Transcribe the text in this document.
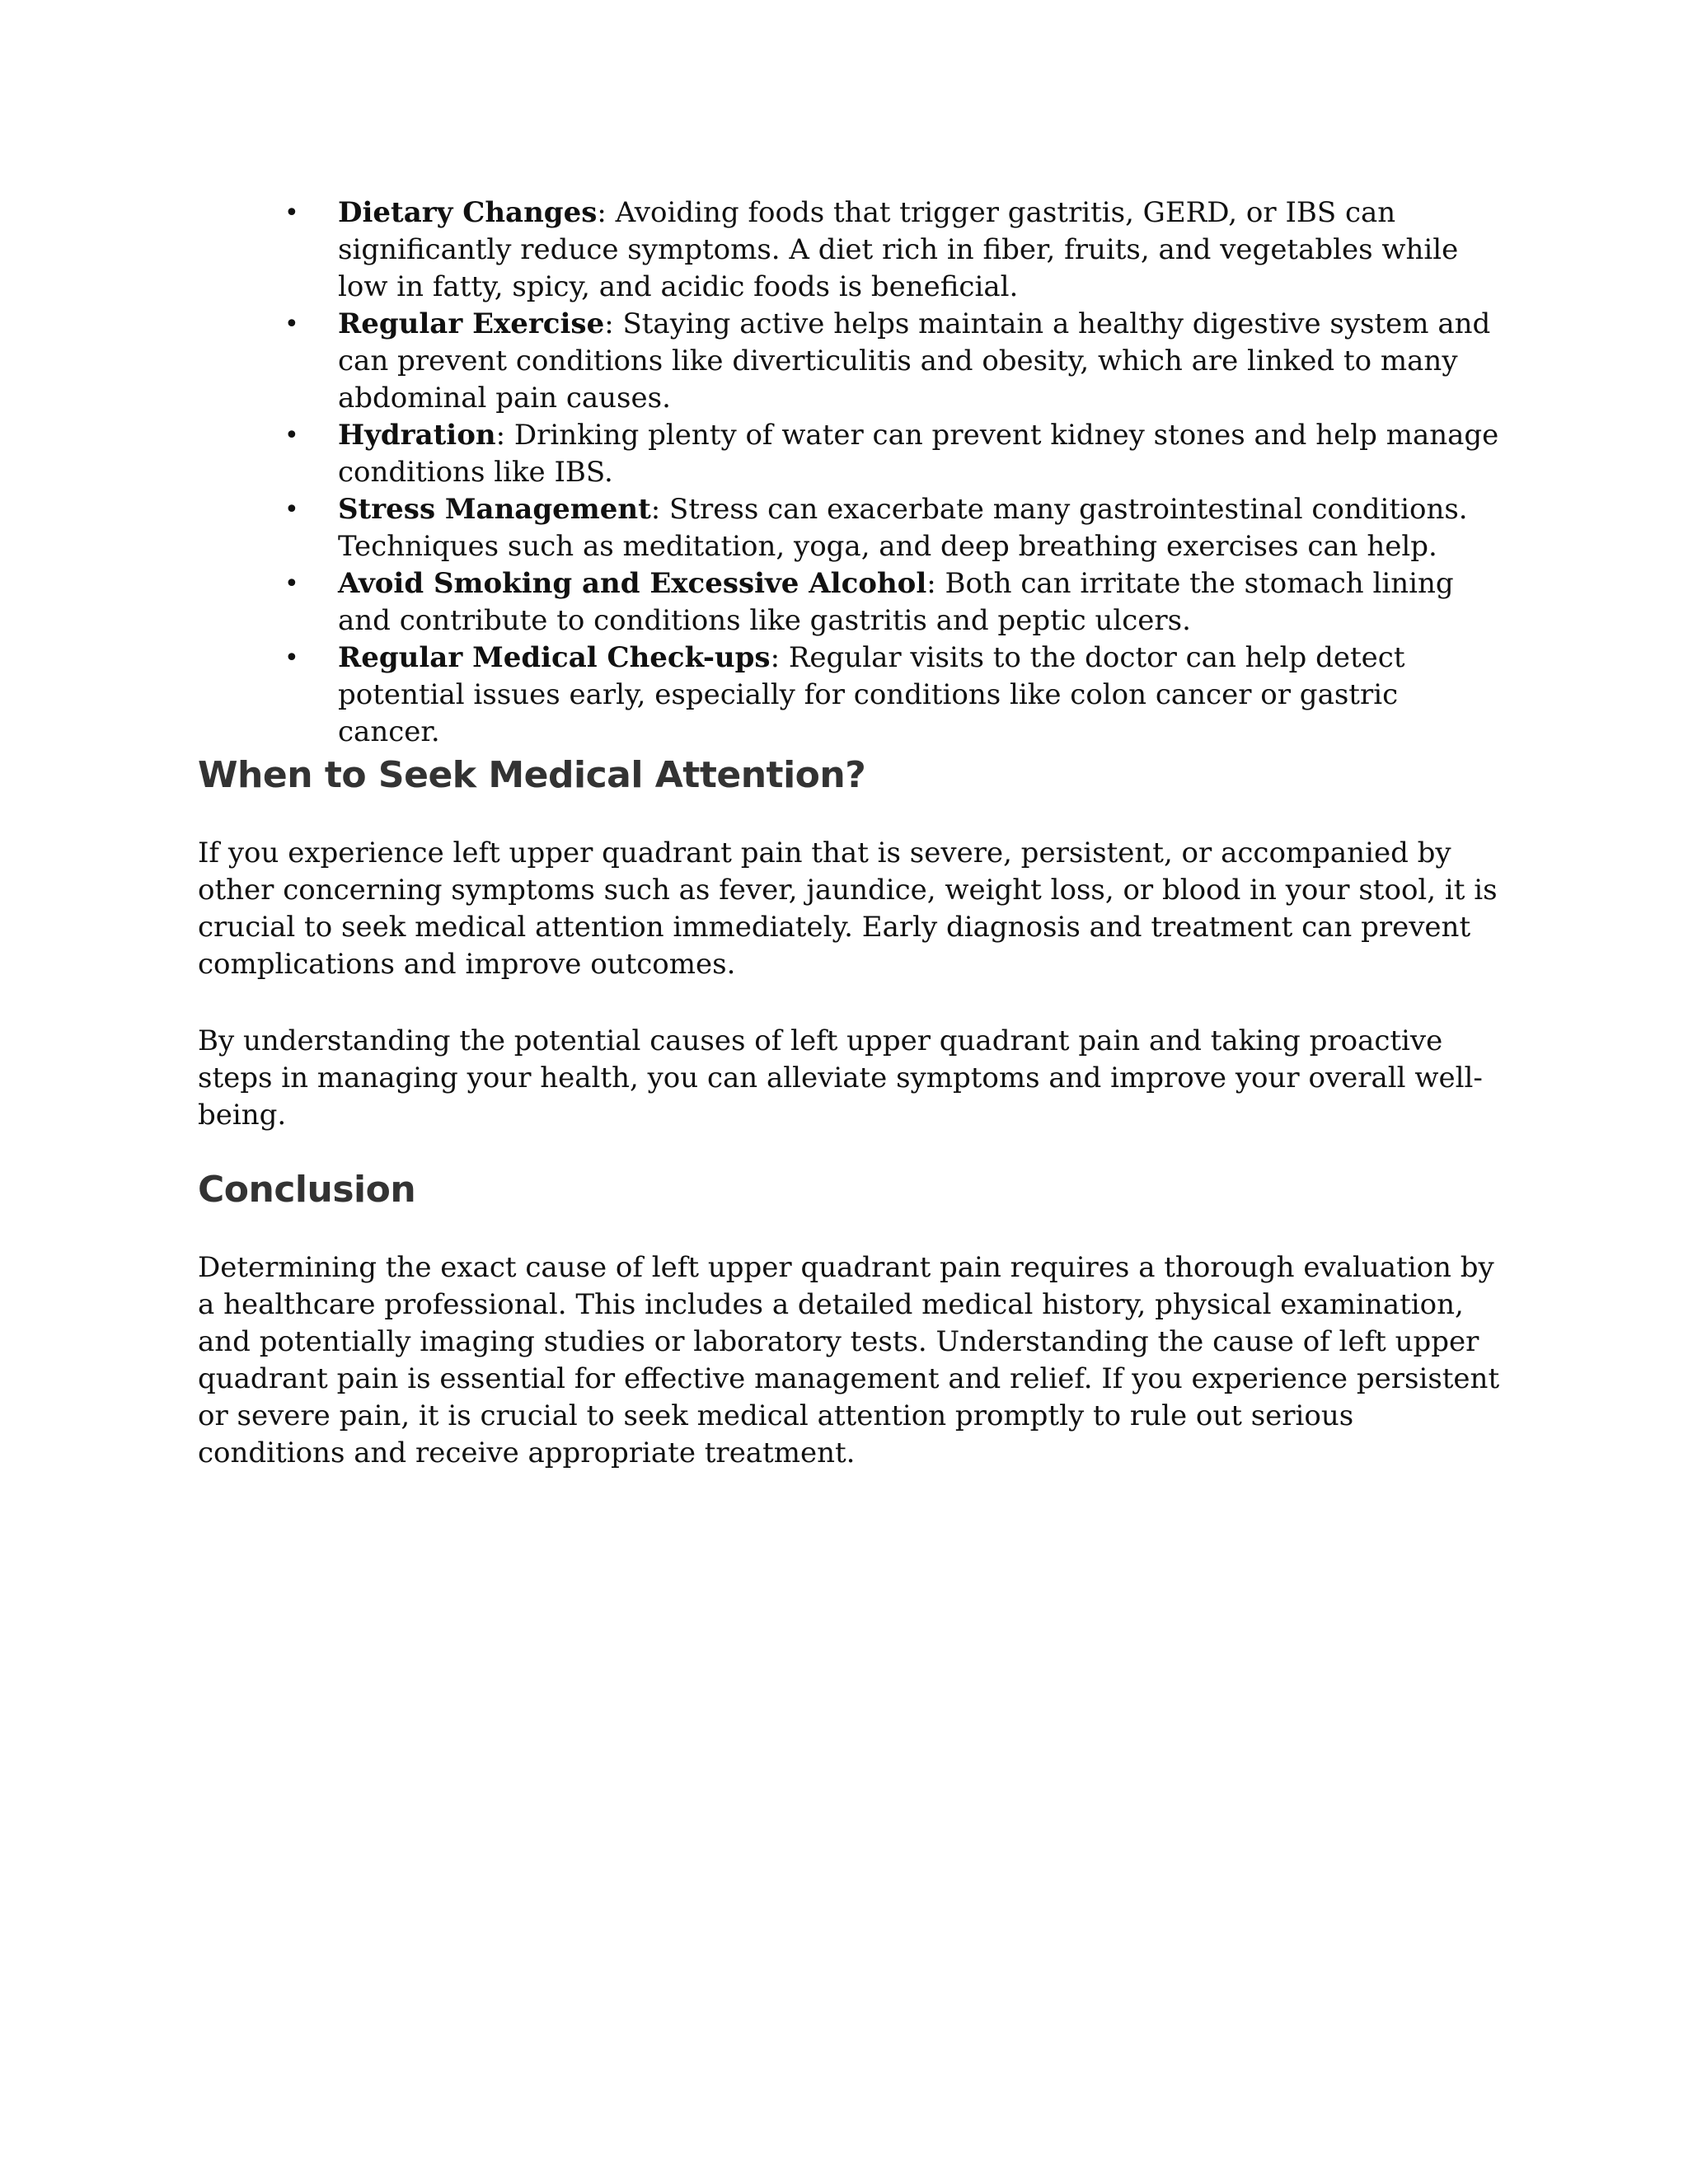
• Dietary Changes: Avoiding foods that trigger gastritis, GERD, or IBS can significantly reduce symptoms. A diet rich in fiber, fruits, and vegetables while low in fatty, spicy, and acidic foods is beneficial.
• Regular Exercise: Staying active helps maintain a healthy digestive system and can prevent conditions like diverticulitis and obesity, which are linked to many abdominal pain causes.
• Hydration: Drinking plenty of water can prevent kidney stones and help manage conditions like IBS.
• Stress Management: Stress can exacerbate many gastrointestinal conditions. Techniques such as meditation, yoga, and deep breathing exercises can help.
• Avoid Smoking and Excessive Alcohol: Both can irritate the stomach lining and contribute to conditions like gastritis and peptic ulcers.
• Regular Medical Check-ups: Regular visits to the doctor can help detect potential issues early, especially for conditions like colon cancer or gastric cancer.
When to Seek Medical Attention?

If you experience left upper quadrant pain that is severe, persistent, or accompanied by other concerning symptoms such as fever, jaundice, weight loss, or blood in your stool, it is crucial to seek medical attention immediately. Early diagnosis and treatment can prevent complications and improve outcomes.

By understanding the potential causes of left upper quadrant pain and taking proactive steps in managing your health, you can alleviate symptoms and improve your overall well-being.

Conclusion

Determining the exact cause of left upper quadrant pain requires a thorough evaluation by a healthcare professional. This includes a detailed medical history, physical examination, and potentially imaging studies or laboratory tests. Understanding the cause of left upper quadrant pain is essential for effective management and relief. If you experience persistent or severe pain, it is crucial to seek medical attention promptly to rule out serious conditions and receive appropriate treatment.
